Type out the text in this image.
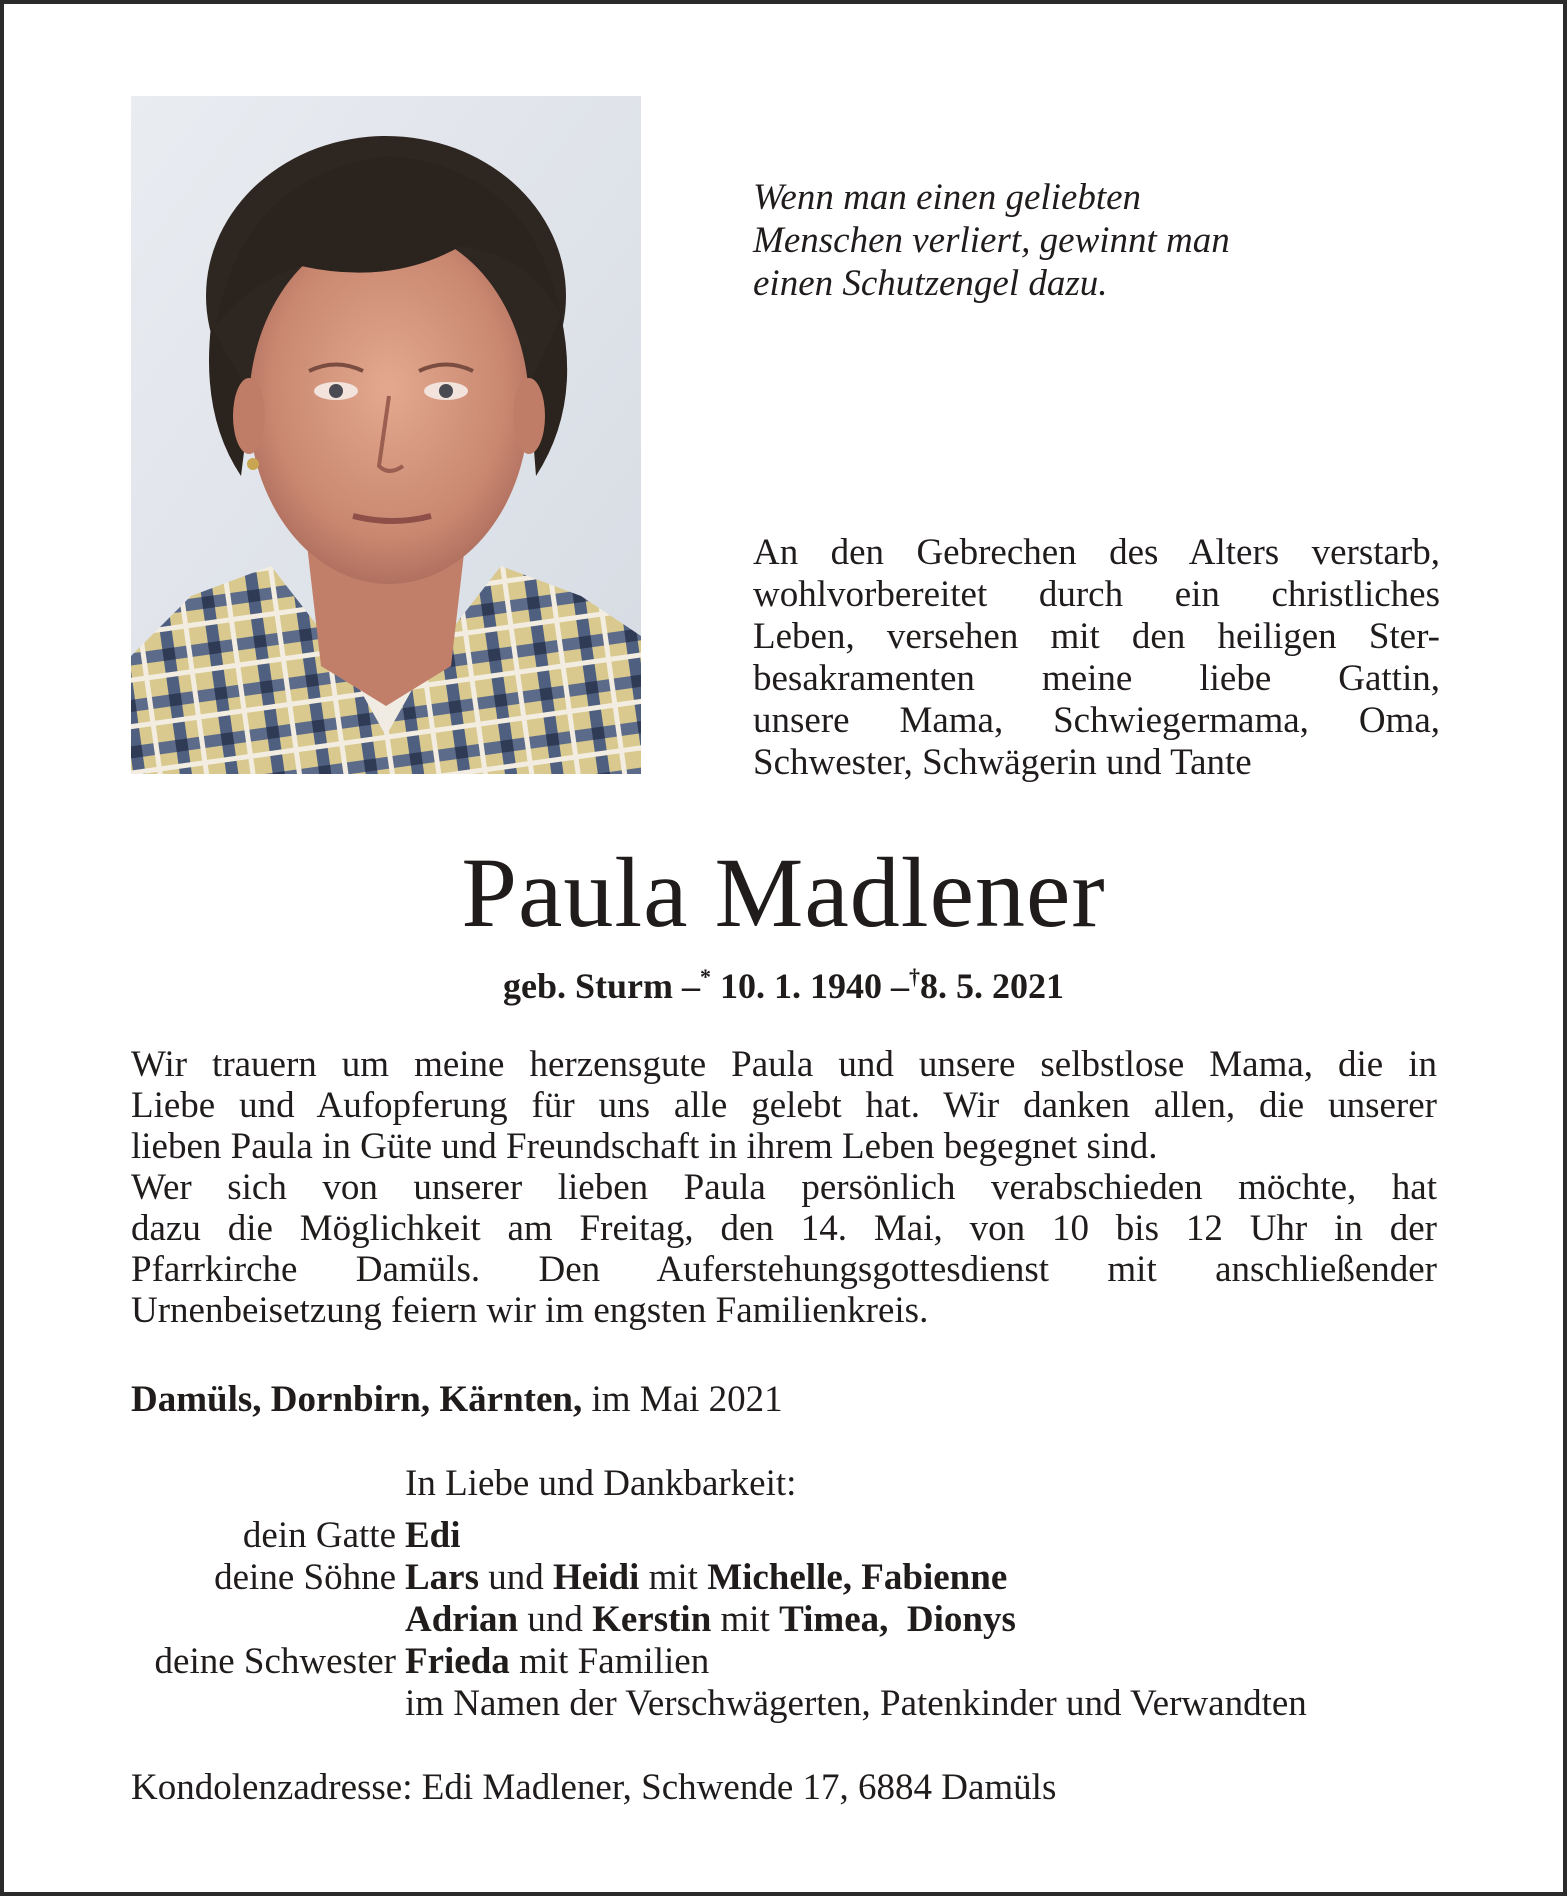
Wenn man einen geliebten
Menschen verliert, gewinnt man
einen Schutzengel dazu.
An den Gebrechen des Alters verstarb,
wohlvorbereitet durch ein christliches
Leben, versehen mit den heiligen Ster-
besakramenten meine liebe Gattin,
unsere Mama, Schwiegermama, Oma,
Schwester, Schwägerin und Tante
Paula Madlener
geb. Sturm –* 10. 1. 1940 –†8. 5. 2021
Wir trauern um meine herzensgute Paula und unsere selbstlose Mama, die in
Liebe und Aufopferung für uns alle gelebt hat. Wir danken allen, die unserer
lieben Paula in Güte und Freundschaft in ihrem Leben begegnet sind.
Wer sich von unserer lieben Paula persönlich verabschieden möchte, hat
dazu die Möglichkeit am Freitag, den 14. Mai, von 10 bis 12 Uhr in der
Pfarrkirche Damüls. Den Auferstehungsgottesdienst mit anschließender
Urnenbeisetzung feiern wir im engsten Familienkreis.
Damüls, Dornbirn, Kärnten, im Mai 2021
In Liebe und Dankbarkeit:
dein Gatte Edi
deine Söhne Lars und Heidi mit Michelle, Fabienne
Adrian und Kerstin mit Timea,  Dionys
deine Schwester Frieda mit Familien
im Namen der Verschwägerten, Patenkinder und Verwandten
Kondolenzadresse: Edi Madlener, Schwende 17, 6884 Damüls
